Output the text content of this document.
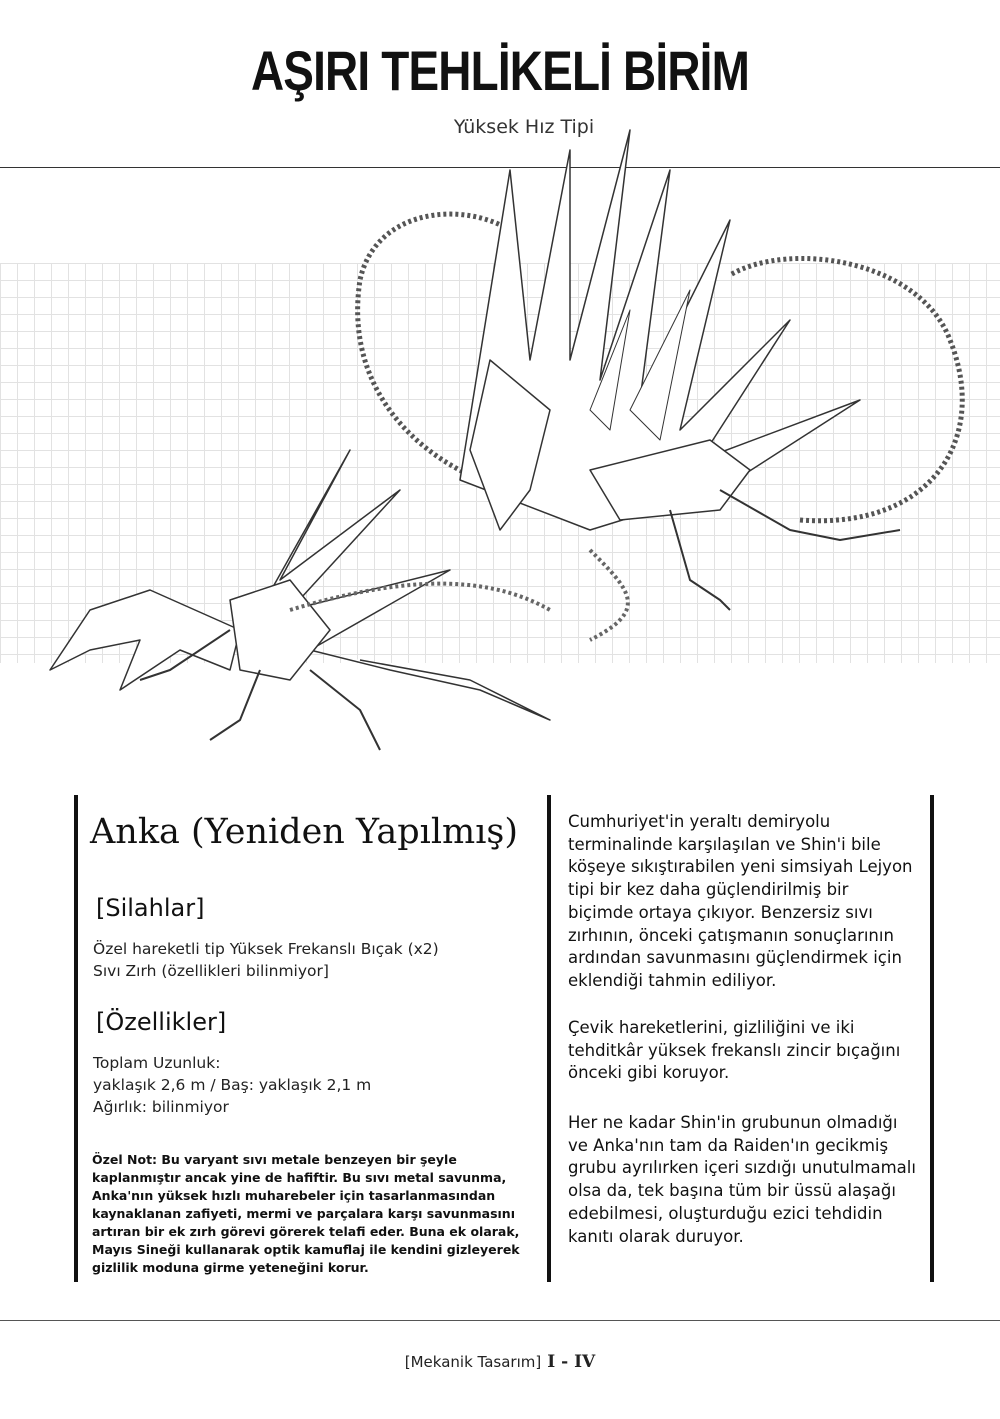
AŞIRI TEHLİKELİ BİRİM
Yüksek Hız Tipi
Anka (Yeniden Yapılmış)
[Silahlar]
Özel hareketli tip Yüksek Frekanslı Bıçak (x2)
Sıvı Zırh (özellikleri bilinmiyor]
[Özellikler]
Toplam Uzunluk:
yaklaşık 2,6 m / Baş: yaklaşık 2,1 m
Ağırlık: bilinmiyor
Özel Not: Bu varyant sıvı metale benzeyen bir şeyle kaplanmıştır ancak yine de hafiftir. Bu sıvı metal savunma, Anka'nın yüksek hızlı muharebeler için tasarlanmasından kaynaklanan zafiyeti, mermi ve parçalara karşı savunmasını artıran bir ek zırh görevi görerek telafi eder. Buna ek olarak, Mayıs Sineği kullanarak optik kamuflaj ile kendini gizleyerek gizlilik moduna girme yeteneğini korur.
Cumhuriyet'in yeraltı demiryolu terminalinde karşılaşılan ve Shin'i bile köşeye sıkıştırabilen yeni simsiyah Lejyon tipi bir kez daha güçlendirilmiş bir biçimde ortaya çıkıyor. Benzersiz sıvı zırhının, önceki çatışmanın sonuçlarının ardından savunmasını güçlendirmek için eklendiği tahmin ediliyor.
Çevik hareketlerini, gizliliğini ve iki tehditkâr yüksek frekanslı zincir bıçağını önceki gibi koruyor.
Her ne kadar Shin'in grubunun olmadığı ve Anka'nın tam da Raiden'ın gecikmiş grubu ayrılırken içeri sızdığı unutulmamalı olsa da, tek başına tüm bir üssü alaşağı edebilmesi, oluşturduğu ezici tehdidin kanıtı olarak duruyor.
[Mekanik Tasarım] I - IV
